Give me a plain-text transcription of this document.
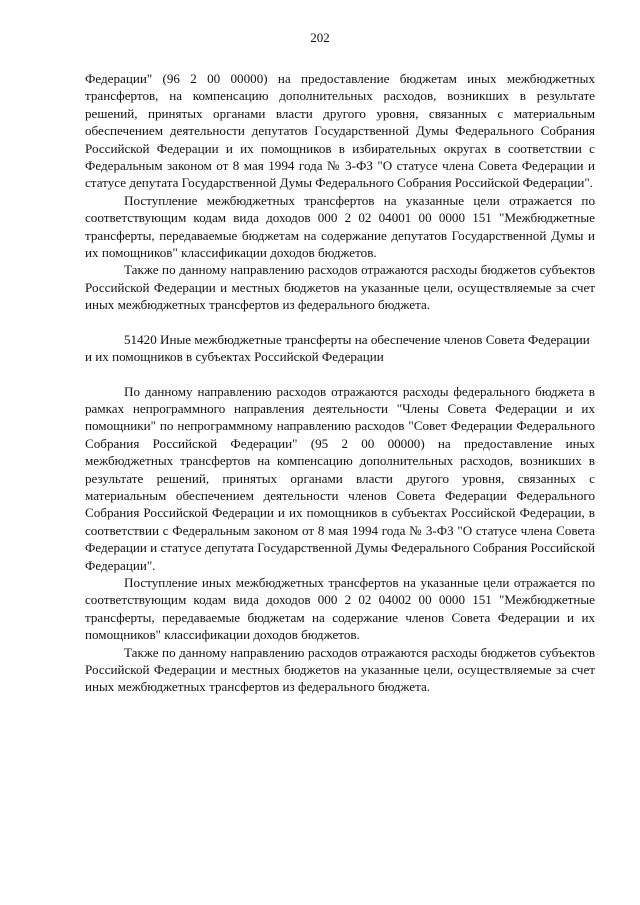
202

Федерации" (96 2 00 00000) на предоставление бюджетам иных межбюджетных трансфертов, на компенсацию дополнительных расходов, возникших в результате решений, принятых органами власти другого уровня, связанных с материальным обеспечением деятельности депутатов Государственной Думы Федерального Собрания Российской Федерации и их помощников в избирательных округах в соответствии с Федеральным законом от 8 мая 1994 года № 3-ФЗ "О статусе члена Совета Федерации и статусе депутата Государственной Думы Федерального Собрания Российской Федерации".

Поступление межбюджетных трансфертов на указанные цели отражается по соответствующим кодам вида доходов 000 2 02 04001 00 0000 151 "Межбюджетные трансферты, передаваемые бюджетам на содержание депутатов Государственной Думы и их помощников" классификации доходов бюджетов.

Также по данному направлению расходов отражаются расходы бюджетов субъектов Российской Федерации и местных бюджетов на указанные цели, осуществляемые за счет иных межбюджетных трансфертов из федерального бюджета.

51420 Иные межбюджетные трансферты на обеспечение членов Совета Федерации и их помощников в субъектах Российской Федерации

По данному направлению расходов отражаются расходы федерального бюджета в рамках непрограммного направления деятельности "Члены Совета Федерации и их помощники" по непрограммному направлению расходов "Совет Федерации Федерального Собрания Российской Федерации" (95 2 00 00000) на предоставление иных межбюджетных трансфертов на компенсацию дополнительных расходов, возникших в результате решений, принятых органами власти другого уровня, связанных с материальным обеспечением деятельности членов Совета Федерации Федерального Собрания Российской Федерации и их помощников в субъектах Российской Федерации, в соответствии с Федеральным законом от 8 мая 1994 года № 3-ФЗ "О статусе члена Совета Федерации и статусе депутата Государственной Думы Федерального Собрания Российской Федерации".

Поступление иных межбюджетных трансфертов на указанные цели отражается по соответствующим кодам вида доходов 000 2 02 04002 00 0000 151 "Межбюджетные трансферты, передаваемые бюджетам на содержание членов Совета Федерации и их помощников" классификации доходов бюджетов.

Также по данному направлению расходов отражаются расходы бюджетов субъектов Российской Федерации и местных бюджетов на указанные цели, осуществляемые за счет иных межбюджетных трансфертов из федерального бюджета.
